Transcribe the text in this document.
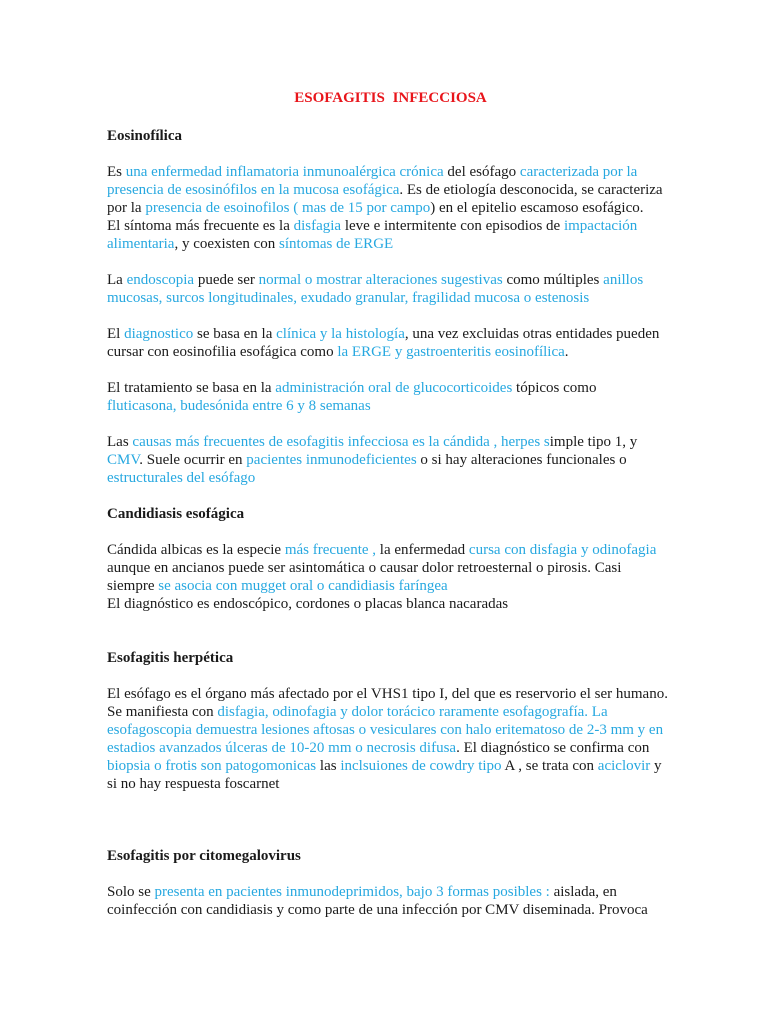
ESOFAGITIS INFECCIOSA
Eosinofílica

Es una enfermedad inflamatoria inmunoalérgica crónica del esófago caracterizada por la presencia de esosinófilos en la mucosa esofágica. Es de etiología desconocida, se caracteriza por la presencia de esoinofilos ( mas de 15 por campo) en el epitelio escamoso esofágico.

El síntoma más frecuente es la disfagia leve e intermitente con episodios de impactación alimentaria, y coexisten con síntomas de ERGE

La endoscopia puede ser normal o mostrar alteraciones sugestivas como múltiples anillos mucosas, surcos longitudinales, exudado granular, fragilidad mucosa o estenosis

El diagnostico se basa en la clínica y la histología, una vez excluidas otras entidades pueden cursar con eosinofilia esofágica como la ERGE y gastroenteritis eosinofílica.

El tratamiento se basa en la administración oral de glucocorticoides tópicos como fluticasona, budesónida entre 6 y 8 semanas

Las causas más frecuentes de esofagitis infecciosa es la cándida , herpes simple tipo 1, y CMV. Suele ocurrir en pacientes inmunodeficientes o si hay alteraciones funcionales o estructurales del esófago

Candidiasis esofágica

Cándida albicas es la especie más frecuente , la enfermedad cursa con disfagia y odinofagia aunque en ancianos puede ser asintomática o causar dolor retroesternal o pirosis. Casi siempre se asocia con mugget oral o candidiasis faríngea

El diagnóstico es endoscópico, cordones o placas blanca nacaradas

Esofagitis herpética

El esófago es el órgano más afectado por el VHS1 tipo I, del que es reservorio el ser humano. Se manifiesta con disfagia, odinofagia y dolor torácico raramente esofagografía. La esofagoscopia demuestra lesiones aftosas o vesiculares con halo eritematoso de 2-3 mm y en estadios avanzados úlceras de 10-20 mm o necrosis difusa. El diagnóstico se confirma con biopsia o frotis son patogomonicas las inclsuiones de cowdry tipo A , se trata con aciclovir y si no hay respuesta foscarnet

Esofagitis por citomegalovirus

Solo se presenta en pacientes inmunodeprimidos, bajo 3 formas posibles : aislada, en coinfección con candidiasis y como parte de una infección por CMV diseminada. Provoca
